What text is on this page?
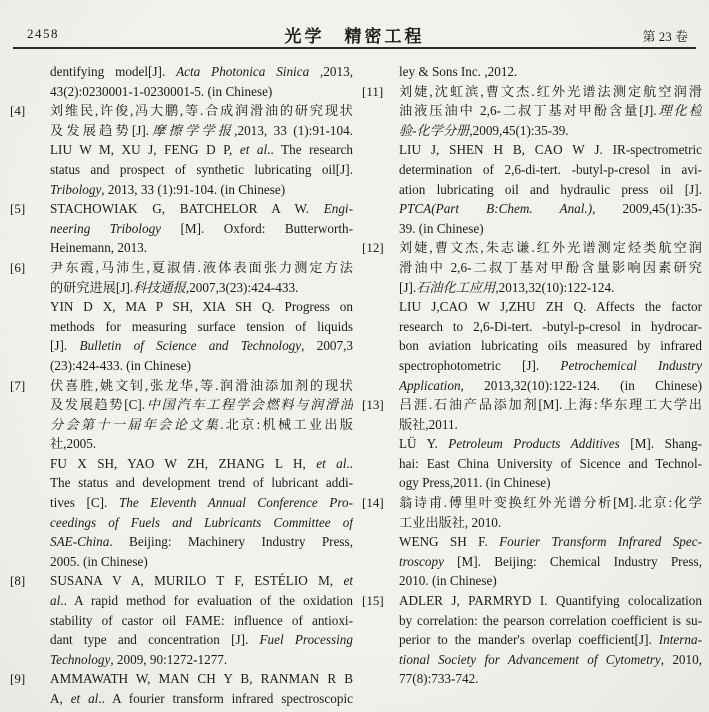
2458	光学　精密工程	第 23 卷
dentifying model[J]. Acta Photonica Sinica ,2013,
43(2):0230001-1-0230001-5. (in Chinese)
[4]	刘维民,许俊,冯大鹏,等.合成润滑油的研究现状
及发展趋势[J].摩擦学学报,2013, 33 (1):91-104.
LIU W M, XU J, FENG D P, et al.. The research
status and prospect of synthetic lubricating oil[J].
Tribology, 2013, 33 (1):91-104. (in Chinese)
[5]	STACHOWIAK G, BATCHELOR A W. Engi-
neering Tribology [M]. Oxford: Butterworth-
Heinemann, 2013.
[6]	尹东霞,马沛生,夏淑倩.液体表面张力测定方法
的研究进展[J].科技通报,2007,3(23):424-433.
YIN D X, MA P SH, XIA SH Q. Progress on
methods for measuring surface tension of liquids
[J]. Bulletin of Science and Technology, 2007,3
(23):424-433. (in Chinese)
[7]	伏喜胜,姚文钊,张龙华,等.润滑油添加剂的现状
及发展趋势[C].中国汽车工程学会燃料与润滑油
分会第十一届年会论文集.北京:机械工业出版
社,2005.
FU X SH, YAO W ZH, ZHANG L H, et al..
The status and development trend of lubricant addi-
tives [C]. The Eleventh Annual Conference Pro-
ceedings of Fuels and Lubricants Committee of
SAE-China. Beijing: Machinery Industry Press,
2005. (in Chinese)
[8]	SUSANA V A, MURILO T F, ESTÉLIO M, et
al.. A rapid method for evaluation of the oxidation
stability of castor oil FAME: influence of antioxi-
dant type and concentration [J]. Fuel Processing
Technology, 2009, 90:1272-1277.
[9]	AMMAWATH W, MAN CH Y B, RANMAN R B
A, et al.. A fourier transform infrared spectroscopic
ley & Sons Inc. ,2012.
[11]	刘婕,沈虹滨,曹文杰.红外光谱法测定航空润滑
油液压油中 2,6-二叔丁基对甲酚含量[J].理化检
验-化学分册,2009,45(1):35-39.
LIU J, SHEN H B, CAO W J. IR-spectrometric
determination of 2,6-di-tert. -butyl-p-cresol in avi-
ation lubricating oil and hydraulic press oil [J].
PTCA(Part B:Chem. Anal.), 2009,45(1):35-
39. (in Chinese)
[12]	刘婕,曹文杰,朱志谦.红外光谱测定烃类航空润
滑油中 2,6-二叔丁基对甲酚含量影响因素研究
[J].石油化工应用,2013,32(10):122-124.
LIU J,CAO W J,ZHU ZH Q. Affects the factor
research to 2,6-Di-tert. -butyl-p-cresol in hydrocar-
bon aviation lubricating oils measured by infrared
spectrophotometric [J]. Petrochemical Industry
Application, 2013,32(10):122-124. (in Chinese)
[13]	吕涯.石油产品添加剂[M].上海:华东理工大学出
版社,2011.
LÜ Y. Petroleum Products Additives [M]. Shang-
hai: East China University of Sicence and Technol-
ogy Press,2011. (in Chinese)
[14]	翁诗甫.傅里叶变换红外光谱分析[M].北京:化学
工业出版社, 2010.
WENG SH F. Fourier Transform Infrared Spec-
troscopy [M]. Beijing: Chemical Industry Press,
2010. (in Chinese)
[15]	ADLER J, PARMRYD I. Quantifying colocalization
by correlation: the pearson correlation coefficient is su-
perior to the mander's overlap coefficient[J]. Interna-
tional Society for Advancement of Cytometry, 2010,
77(8):733-742.
